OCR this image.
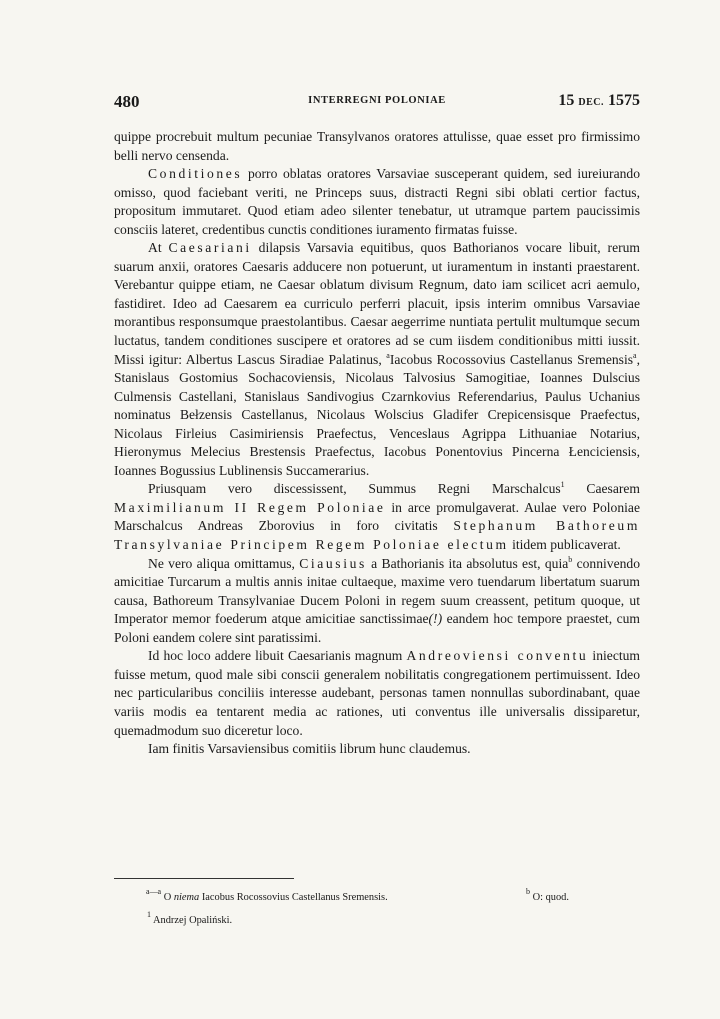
480	INTERREGNI POLONIAE	15 DEC. 1575

quippe procrebuit multum pecuniae Transylvanos oratores attulisse, quae esset pro firmissimo belli nervo censenda.

Conditiones porro oblatas oratores Varsaviae susceperant quidem, sed iureiurando omisso, quod faciebant veriti, ne Princeps suus, distracti Regni sibi oblati certior factus, propositum immutaret. Quod etiam adeo silenter tenebatur, ut utramque partem paucissimis consciis lateret, credentibus cunctis conditiones iuramento firmatas fuisse.

At Caesariani dilapsis Varsavia equitibus, quos Bathorianos vocare libuit, rerum suarum anxii, oratores Caesaris adducere non potuerunt, ut iuramentum in instanti praestarent. Verebantur quippe etiam, ne Caesar oblatum divisum Regnum, dato iam scilicet acri aemulo, fastidiret. Ideo ad Caesarem ea curriculo perferri placuit, ipsis interim omnibus Varsaviae morantibus responsumque praestolantibus. Caesar aegerrime nuntiata pertulit multumque secum luctatus, tandem conditiones suscipere et oratores ad se cum iisdem conditionibus mitti iussit. Missi igitur: Albertus Lascus Siradiae Palatinus, $^a$Iacobus Rocossovius Castellanus Sremensis$^a$, Stanislaus Gostomius Sochacoviensis, Nicolaus Talvosius Samogitiae, Ioannes Dulscius Culmensis Castellani, Stanislaus Sandivogius Czarnkovius Referendarius, Paulus Uchanius nominatus Bełzensis Castellanus, Nicolaus Wolscius Gladifer Crepicensisque Praefectus, Nicolaus Firleius Casimiriensis Praefectus, Venceslaus Agrippa Lithuaniae Notarius, Hieronymus Melecius Brestensis Praefectus, Iacobus Ponentovius Pincerna Łenciciensis, Ioannes Bogussius Lublinensis Succamerarius.

Priusquam vero discessissent, Summus Regni Marschalcus$^1$ Caesarem Maximilianum II Regem Poloniae in arce promulgaverat. Aulae vero Poloniae Marschalcus Andreas Zborovius in foro civitatis Stephanum Bathoreum Transylvaniae Principem Regem Poloniae electum itidem publicaverat.

Ne vero aliqua omittamus, Ciausius a Bathorianis ita absolutus est, quia$^b$ connivendo amicitiae Turcarum a multis annis initae cultaeque, maxime vero tuendarum libertatum suarum causa, Bathoreum Transylvaniae Ducem Poloni in regem suum creassent, petitum quoque, ut Imperator memor foederum atque amicitiae sanctissimae(!) eandem hoc tempore praestet, cum Poloni eandem colere sint paratissimi.

Id hoc loco addere libuit Caesarianis magnum Andreoviensi conventu iniectum fuisse metum, quod male sibi conscii generalem nobilitatis congregationem pertimuissent. Ideo nec particularibus conciliis interesse audebant, personas tamen nonnullas subordinabant, quae variis modis ea tentarent media ac rationes, uti conventus ille universalis dissiparetur, quemadmodum suo diceretur loco.

Iam finitis Varsaviensibus comitiis librum hunc claudemus.

$^{a—a}$ O niema Iacobus Rocossovius Castellanus Sremensis.
$^b$ O: quod.
$^1$ Andrzej Opaliński.
